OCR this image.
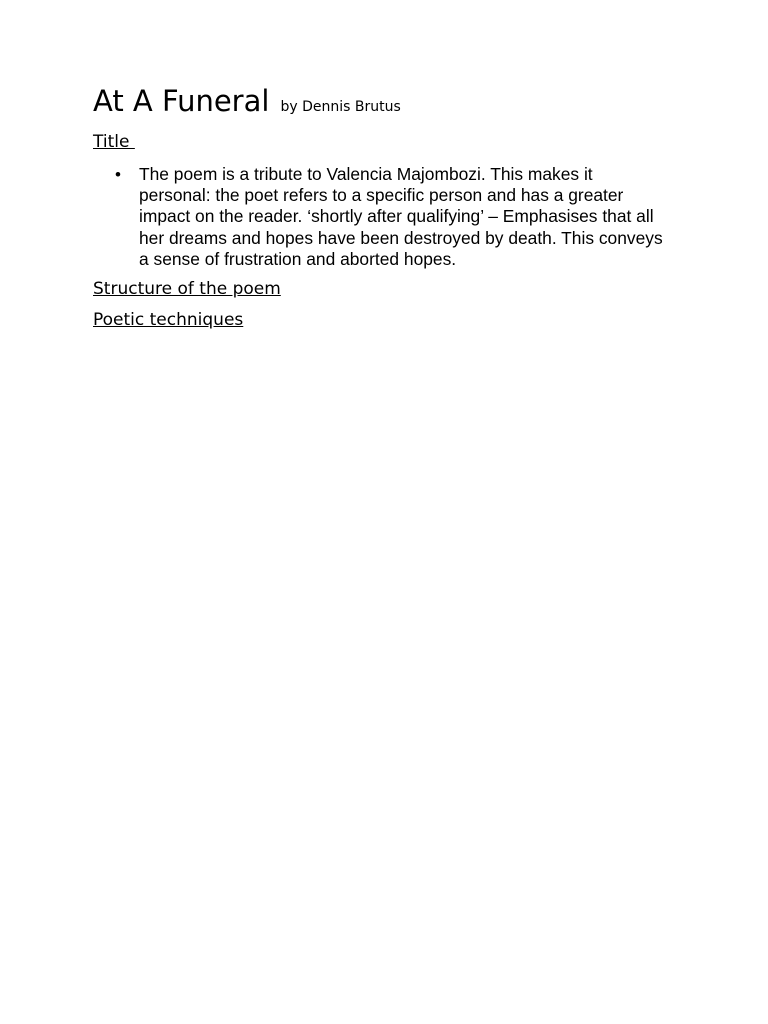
At A Funeral by Dennis Brutus

Title

• The poem is a tribute to Valencia Majombozi. This makes it personal: the poet refers to a specific person and has a greater impact on the reader. ‘shortly after qualifying’ – Emphasises that all her dreams and hopes have been destroyed by death. This conveys a sense of frustration and aborted hopes.

Structure of the poem

Poetic techniques
